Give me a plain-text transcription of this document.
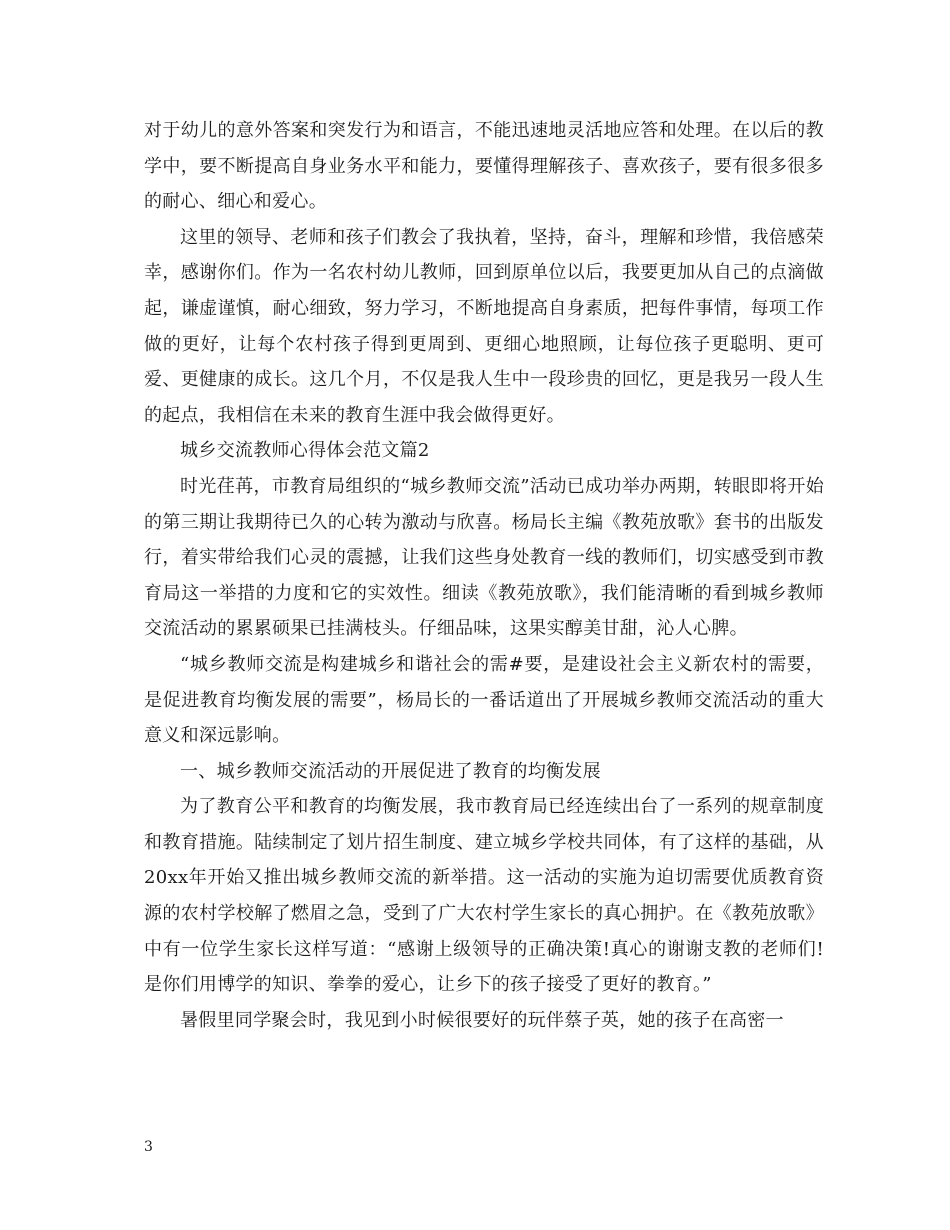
对于幼儿的意外答案和突发行为和语言，不能迅速地灵活地应答和处理。在以后的教学中，要不断提高自身业务水平和能力，要懂得理解孩子、喜欢孩子，要有很多很多的耐心、细心和爱心。

这里的领导、老师和孩子们教会了我执着，坚持，奋斗，理解和珍惜，我倍感荣幸，感谢你们。作为一名农村幼儿教师，回到原单位以后，我要更加从自己的点滴做起，谦虚谨慎，耐心细致，努力学习，不断地提高自身素质，把每件事情，每项工作做的更好，让每个农村孩子得到更周到、更细心地照顾，让每位孩子更聪明、更可爱、更健康的成长。这几个月，不仅是我人生中一段珍贵的回忆，更是我另一段人生的起点，我相信在未来的教育生涯中我会做得更好。

城乡交流教师心得体会范文篇2

时光荏苒，市教育局组织的“城乡教师交流”活动已成功举办两期，转眼即将开始的第三期让我期待已久的心转为激动与欣喜。杨局长主编《教苑放歌》套书的出版发行，着实带给我们心灵的震撼，让我们这些身处教育一线的教师们，切实感受到市教育局这一举措的力度和它的实效性。细读《教苑放歌》，我们能清晰的看到城乡教师交流活动的累累硕果已挂满枝头。仔细品味，这果实醇美甘甜，沁人心脾。

“城乡教师交流是构建城乡和谐社会的需#要，是建设社会主义新农村的需要，是促进教育均衡发展的需要”，杨局长的一番话道出了开展城乡教师交流活动的重大意义和深远影响。

一、城乡教师交流活动的开展促进了教育的均衡发展

为了教育公平和教育的均衡发展，我市教育局已经连续出台了一系列的规章制度和教育措施。陆续制定了划片招生制度、建立城乡学校共同体，有了这样的基础，从20xx年开始又推出城乡教师交流的新举措。这一活动的实施为迫切需要优质教育资源的农村学校解了燃眉之急，受到了广大农村学生家长的真心拥护。在《教苑放歌》中有一位学生家长这样写道：“感谢上级领导的正确决策!真心的谢谢支教的老师们!是你们用博学的知识、拳拳的爱心，让乡下的孩子接受了更好的教育。”

暑假里同学聚会时，我见到小时候很要好的玩伴蔡子英，她的孩子在高密一

3
